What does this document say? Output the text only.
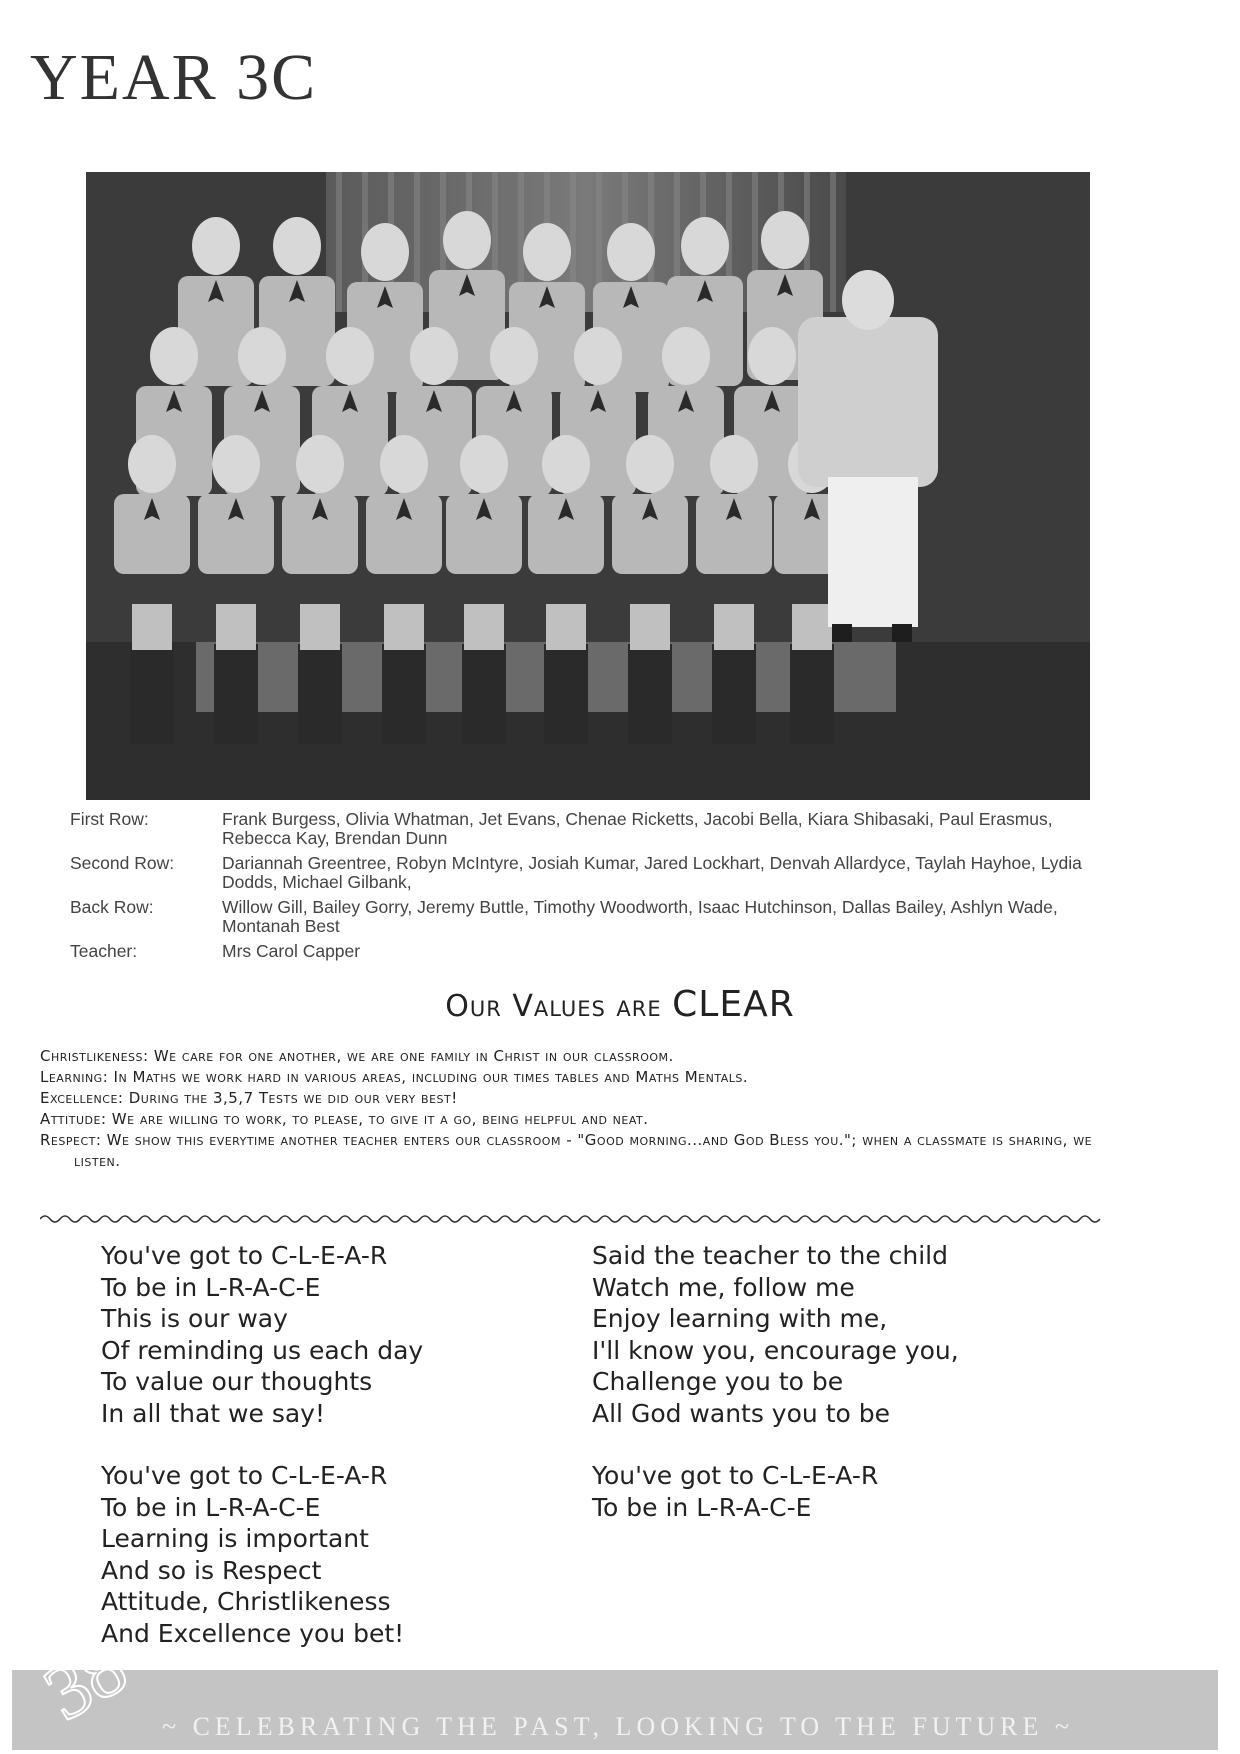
YEAR 3C
First Row:	Frank Burgess, Olivia Whatman, Jet Evans, Chenae Ricketts, Jacobi Bella, Kiara Shibasaki, Paul Erasmus, Rebecca Kay, Brendan Dunn
Second Row:	Dariannah Greentree, Robyn McIntyre, Josiah Kumar, Jared Lockhart, Denvah Allardyce, Taylah Hayhoe, Lydia Dodds, Michael Gilbank,
Back Row:	Willow Gill, Bailey Gorry, Jeremy Buttle, Timothy Woodworth, Isaac Hutchinson, Dallas Bailey, Ashlyn Wade, Montanah Best
Teacher:	Mrs Carol Capper
Our Values are CLEAR
Christlikeness: We care for one another, we are one family in Christ in our classroom.
Learning: In Maths we work hard in various areas, including our times tables and Maths Mentals.
Excellence: During the 3,5,7 Tests we did our very best!
Attitude: We are willing to work, to please, to give it a go, being helpful and neat.
Respect: We show this everytime another teacher enters our classroom - "Good morning...and God Bless you."; when a classmate is sharing, we listen.
You've got to C-L-E-A-R
To be in L-R-A-C-E
This is our way
Of reminding us each day
To value our thoughts
In all that we say!
You've got to C-L-E-A-R
To be in L-R-A-C-E
Learning is important
And so is Respect
Attitude, Christlikeness
And Excellence you bet!
Said the teacher to the child
Watch me, follow me
Enjoy learning with me,
I'll know you, encourage you,
Challenge you to be
All God wants you to be
You've got to C-L-E-A-R
To be in L-R-A-C-E
38 ~ CELEBRATING THE PAST, LOOKING TO THE FUTURE ~
